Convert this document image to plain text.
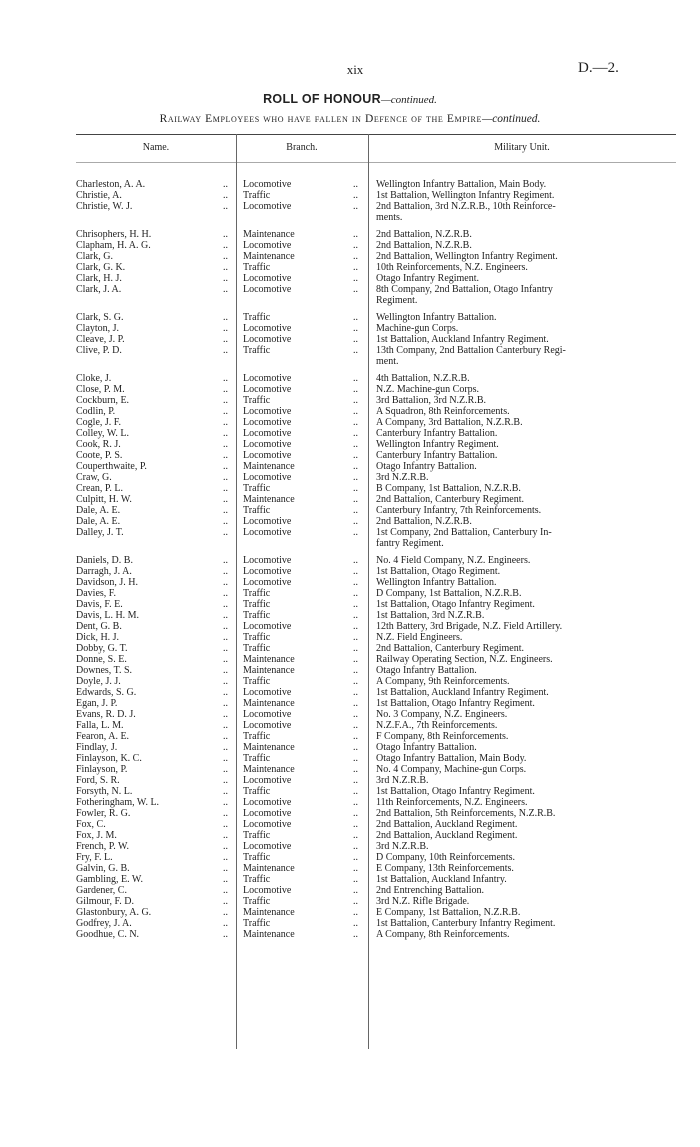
xix	D.—2.
ROLL OF HONOUR—continued.
Railway Employees who have fallen in Defence of the Empire—continued.
Name.	Branch.	Military Unit.
Charleston, A. A.	Locomotive	Wellington Infantry Battalion, Main Body.
..	..
Christie, A.	Traffic	1st Battalion, Wellington Infantry Regiment.
..	..
Christie, W. J.	Locomotive	2nd Battalion, 3rd N.Z.R.B., 10th Reinforce-
..	..
ments.
Chrisophers, H. H.	Maintenance	2nd Battalion, N.Z.R.B.
..	..
Clapham, H. A. G.	Locomotive	2nd Battalion, N.Z.R.B.
..	..
Clark, G.	Maintenance	2nd Battalion, Wellington Infantry Regiment.
..	..
Clark, G. K.	Traffic	10th Reinforcements, N.Z. Engineers.
..	..
Clark, H. J.	Locomotive	Otago Infantry Regiment.
..	..
Clark, J. A.	Locomotive	8th Company, 2nd Battalion, Otago Infantry
..	..
Regiment.
Clark, S. G.	Traffic	Wellington Infantry Battalion.
..	..
Clayton, J.	Locomotive	Machine-gun Corps.
..	..
Cleave, J. P.	Locomotive	1st Battalion, Auckland Infantry Regiment.
..	..
Clive, P. D.	Traffic	13th Company, 2nd Battalion Canterbury Regi-
..	..
ment.
Cloke, J.	Locomotive	4th Battalion, N.Z.R.B.
..	..
Close, P. M.	Locomotive	N.Z. Machine-gun Corps.
..	..
Cockburn, E.	Traffic	3rd Battalion, 3rd N.Z.R.B.
..	..
Codlin, P.	Locomotive	A Squadron, 8th Reinforcements.
..	..
Cogle, J. F.	Locomotive	A Company, 3rd Battalion, N.Z.R.B.
..	..
Colley, W. L.	Locomotive	Canterbury Infantry Battalion.
..	..
Cook, R. J.	Locomotive	Wellington Infantry Regiment.
..	..
Coote, P. S.	Locomotive	Canterbury Infantry Battalion.
..	..
Couperthwaite, P.	Maintenance	Otago Infantry Battalion.
..	..
Craw, G.	Locomotive	3rd N.Z.R.B.
..	..
Crean, P. L.	Traffic	B Company, 1st Battalion, N.Z.R.B.
..	..
Culpitt, H. W.	Maintenance	2nd Battalion, Canterbury Regiment.
..	..
Dale, A. E.	Traffic	Canterbury Infantry, 7th Reinforcements.
..	..
Dale, A. E.	Locomotive	2nd Battalion, N.Z.R.B.
..	..
Dalley, J. T.	Locomotive	1st Company, 2nd Battalion, Canterbury In-
..	..
fantry Regiment.
Daniels, D. B.	Locomotive	No. 4 Field Company, N.Z. Engineers.
..	..
Darragh, J. A.	Locomotive	1st Battalion, Otago Regiment.
..	..
Davidson, J. H.	Locomotive	Wellington Infantry Battalion.
..	..
Davies, F.	Traffic	D Company, 1st Battalion, N.Z.R.B.
..	..
Davis, F. E.	Traffic	1st Battalion, Otago Infantry Regiment.
..	..
Davis, L. H. M.	Traffic	1st Battalion, 3rd N.Z.R.B.
..	..
Dent, G. B.	Locomotive	12th Battery, 3rd Brigade, N.Z. Field Artillery.
..	..
Dick, H. J.	Traffic	N.Z. Field Engineers.
..	..
Dobby, G. T.	Traffic	2nd Battalion, Canterbury Regiment.
..	..
Donne, S. E.	Maintenance	Railway Operating Section, N.Z. Engineers.
..	..
Downes, T. S.	Maintenance	Otago Infantry Battalion.
..	..
Doyle, J. J.	Traffic	A Company, 9th Reinforcements.
..	..
Edwards, S. G.	Locomotive	1st Battalion, Auckland Infantry Regiment.
..	..
Egan, J. P.	Maintenance	1st Battalion, Otago Infantry Regiment.
..	..
Evans, R. D. J.	Locomotive	No. 3 Company, N.Z. Engineers.
..	..
Falla, L. M.	Locomotive	N.Z.F.A., 7th Reinforcements.
..	..
Fearon, A. E.	Traffic	F Company, 8th Reinforcements.
..	..
Findlay, J.	Maintenance	Otago Infantry Battalion.
..	..
Finlayson, K. C.	Traffic	Otago Infantry Battalion, Main Body.
..	..
Finlayson, P.	Maintenance	No. 4 Company, Machine-gun Corps.
..	..
Ford, S. R.	Locomotive	3rd N.Z.R.B.
..	..
Forsyth, N. L.	Traffic	1st Battalion, Otago Infantry Regiment.
..	..
Fotheringham, W. L.	Locomotive	11th Reinforcements, N.Z. Engineers.
..	..
Fowler, R. G.	Locomotive	2nd Battalion, 5th Reinforcements, N.Z.R.B.
..	..
Fox, C.	Locomotive	2nd Battalion, Auckland Regiment.
..	..
Fox, J. M.	Traffic	2nd Battalion, Auckland Regiment.
..	..
French, P. W.	Locomotive	3rd N.Z.R.B.
..	..
Fry, F. L.	Traffic	D Company, 10th Reinforcements.
..	..
Galvin, G. B.	Maintenance	E Company, 13th Reinforcements.
..	..
Gambling, E. W.	Traffic	1st Battalion, Auckland Infantry.
..	..
Gardener, C.	Locomotive	2nd Entrenching Battalion.
..	..
Gilmour, F. D.	Traffic	3rd N.Z. Rifle Brigade.
..	..
Glastonbury, A. G.	Maintenance	E Company, 1st Battalion, N.Z.R.B.
..	..
Godfrey, J. A.	Traffic	1st Battalion, Canterbury Infantry Regiment.
..	..
Goodhue, C. N.	Maintenance	A Company, 8th Reinforcements.
..	..
